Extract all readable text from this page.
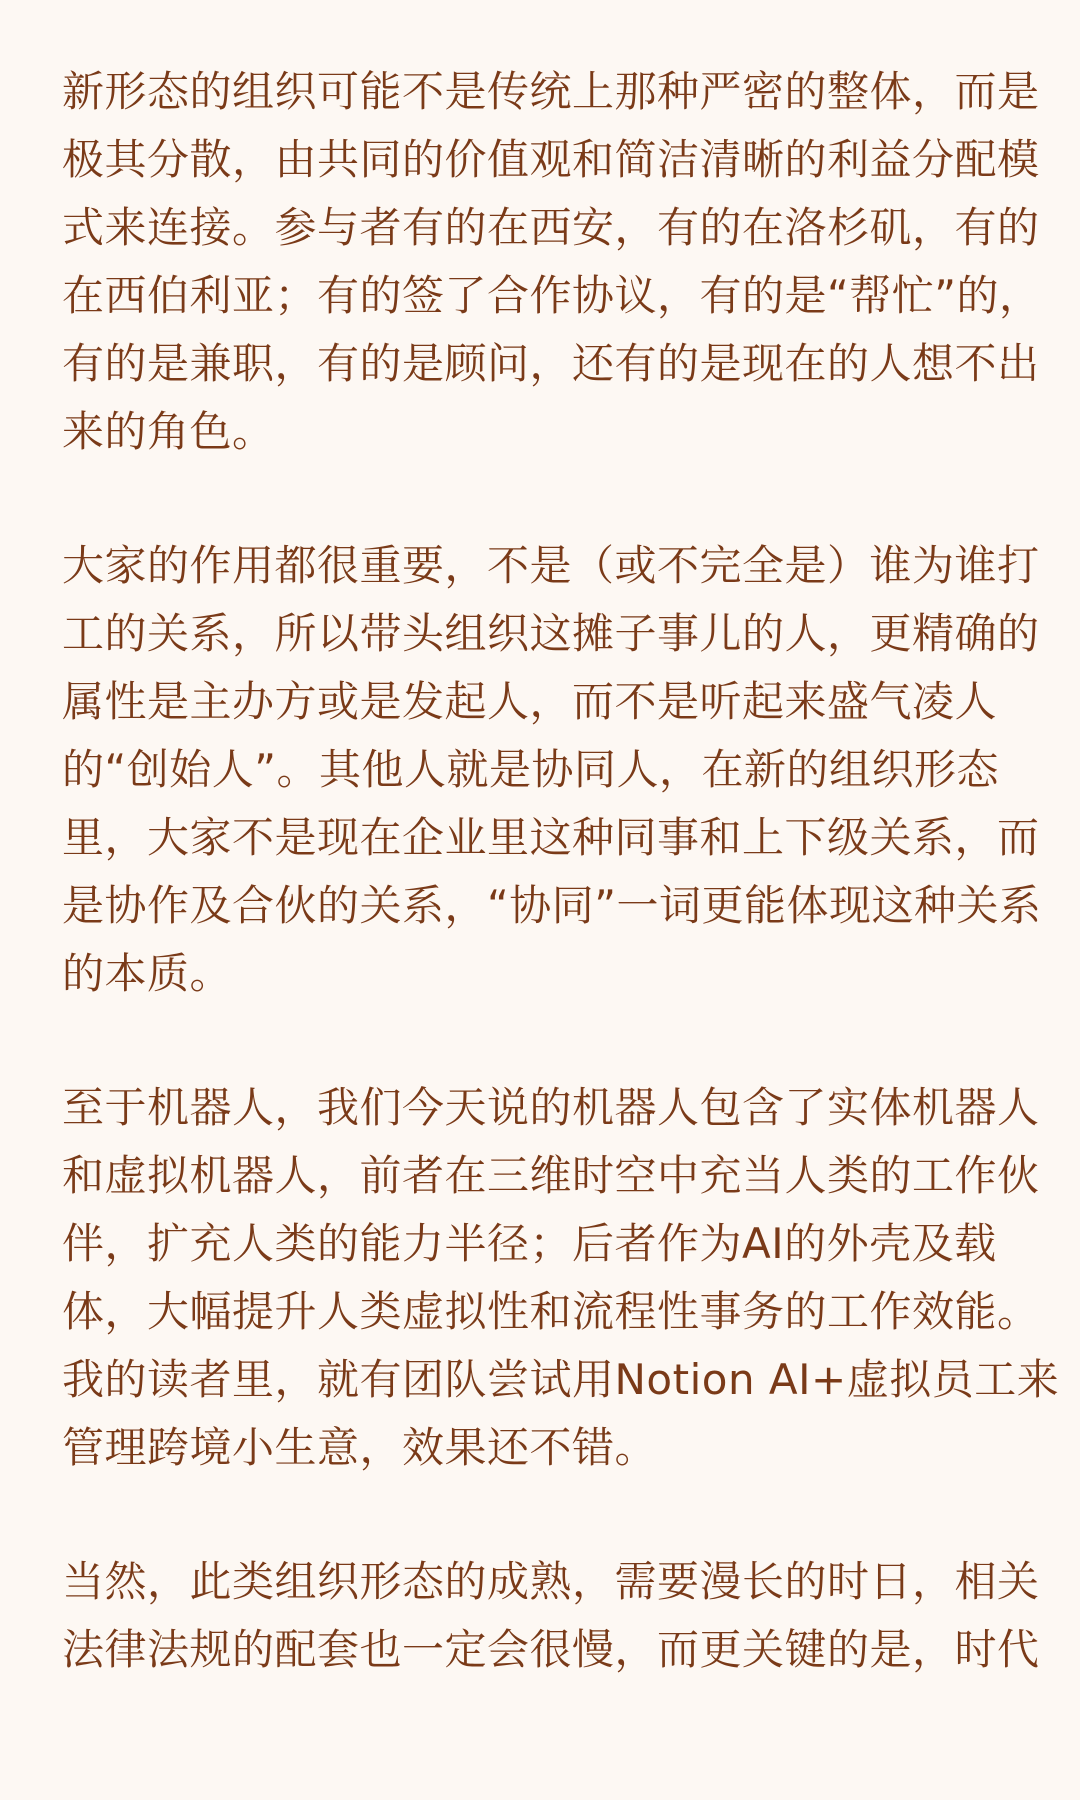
新形态的组织可能不是传统上那种严密的整体，而是
极其分散，由共同的价值观和简洁清晰的利益分配模
式来连接。参与者有的在西安，有的在洛杉矶，有的
在西伯利亚；有的签了合作协议，有的是“帮忙”的，
有的是兼职，有的是顾问，还有的是现在的人想不出
来的角色。
大家的作用都很重要，不是（或不完全是）谁为谁打
工的关系，所以带头组织这摊子事儿的人，更精确的
属性是主办方或是发起人，而不是听起来盛气凌人
的“创始人”。其他人就是协同人，在新的组织形态
里，大家不是现在企业里这种同事和上下级关系，而
是协作及合伙的关系，“协同”一词更能体现这种关系
的本质。
至于机器人，我们今天说的机器人包含了实体机器人
和虚拟机器人，前者在三维时空中充当人类的工作伙
伴，扩充人类的能力半径；后者作为AI的外壳及载
体，大幅提升人类虚拟性和流程性事务的工作效能。
我的读者里，就有团队尝试用Notion AI+虚拟员工来
管理跨境小生意，效果还不错。
当然，此类组织形态的成熟，需要漫长的时日，相关
法律法规的配套也一定会很慢，而更关键的是，时代
